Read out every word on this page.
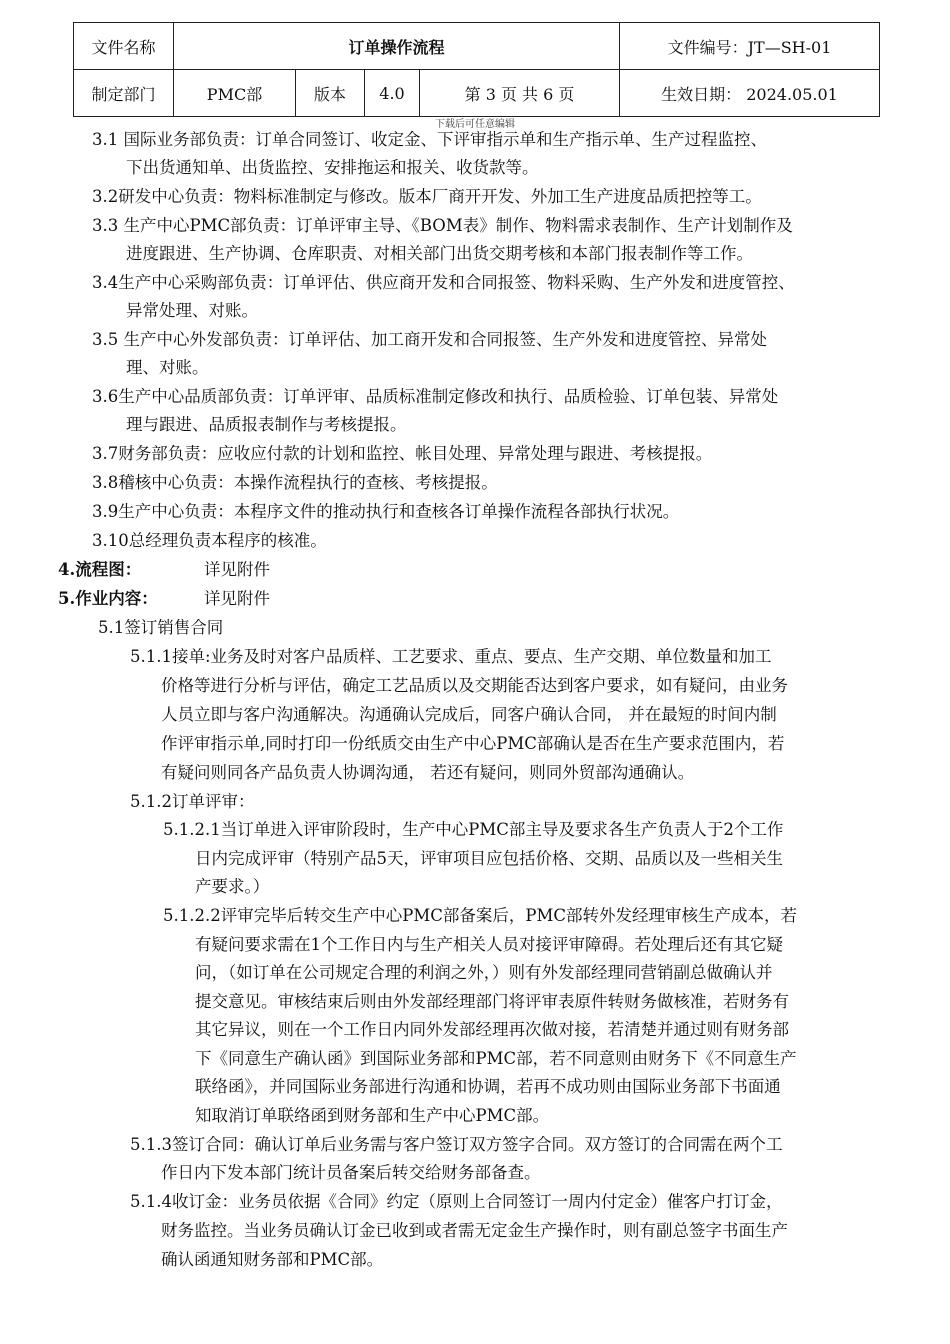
文件名称	订单操作流程				文件编号：JT—SH-01
制定部门	PMC部	版本	4.0	第 3 页 共 6 页	生效日期： 2024.05.01
下载后可任意编辑
3.1 国际业务部负责：订单合同签订、收定金、下评审指示单和生产指示单、生产过程监控、
下出货通知单、出货监控、安排拖运和报关、收货款等。
3.2研发中心负责：物料标准制定与修改。版本厂商开开发、外加工生产进度品质把控等工。
3.3 生产中心PMC部负责：订单评审主导、《BOM表》制作、物料需求表制作、生产计划制作及
进度跟进、生产协调、仓库职责、对相关部门出货交期考核和本部门报表制作等工作。
3.4生产中心采购部负责：订单评估、供应商开发和合同报签、物料采购、生产外发和进度管控、
异常处理、对账。
3.5 生产中心外发部负责：订单评估、加工商开发和合同报签、生产外发和进度管控、异常处
理、对账。
3.6生产中心品质部负责：订单评审、品质标准制定修改和执行、品质检验、订单包装、异常处
理与跟进、品质报表制作与考核提报。
3.7财务部负责：应收应付款的计划和监控、帐目处理、异常处理与跟进、考核提报。
3.8稽核中心负责：本操作流程执行的查核、考核提报。
3.9生产中心负责：本程序文件的推动执行和查核各订单操作流程各部执行状况。
3.10总经理负责本程序的核准。
4.流程图：	详见附件
5.作业内容：	详见附件
5.1签订销售合同
5.1.1接单:业务及时对客户品质样、工艺要求、重点、要点、生产交期、单位数量和加工
价格等进行分析与评估，确定工艺品质以及交期能否达到客户要求，如有疑问，由业务
人员立即与客户沟通解决。沟通确认完成后，同客户确认合同， 并在最短的时间内制
作评审指示单,同时打印一份纸质交由生产中心PMC部确认是否在生产要求范围内，若
有疑问则同各产品负责人协调沟通， 若还有疑问，则同外贸部沟通确认。
5.1.2订单评审：
5.1.2.1当订单进入评审阶段时，生产中心PMC部主导及要求各生产负责人于2个工作
日内完成评审（特别产品5天，评审项目应包括价格、交期、品质以及一些相关生
产要求。）
5.1.2.2评审完毕后转交生产中心PMC部备案后，PMC部转外发经理审核生产成本，若
有疑问要求需在1个工作日内与生产相关人员对接评审障碍。若处理后还有其它疑
问，（如订单在公司规定合理的利润之外，）则有外发部经理同营销副总做确认并
提交意见。审核结束后则由外发部经理部门将评审表原件转财务做核准，若财务有
其它异议，则在一个工作日内同外发部经理再次做对接，若清楚并通过则有财务部
下《同意生产确认函》到国际业务部和PMC部，若不同意则由财务下《不同意生产
联络函》，并同国际业务部进行沟通和协调，若再不成功则由国际业务部下书面通
知取消订单联络函到财务部和生产中心PMC部。
5.1.3签订合同：确认订单后业务需与客户签订双方签字合同。双方签订的合同需在两个工
作日内下发本部门统计员备案后转交给财务部备查。
5.1.4收订金：业务员依据《合同》约定（原则上合同签订一周内付定金）催客户打订金，
财务监控。当业务员确认订金已收到或者需无定金生产操作时，则有副总签字书面生产
确认函通知财务部和PMC部。
